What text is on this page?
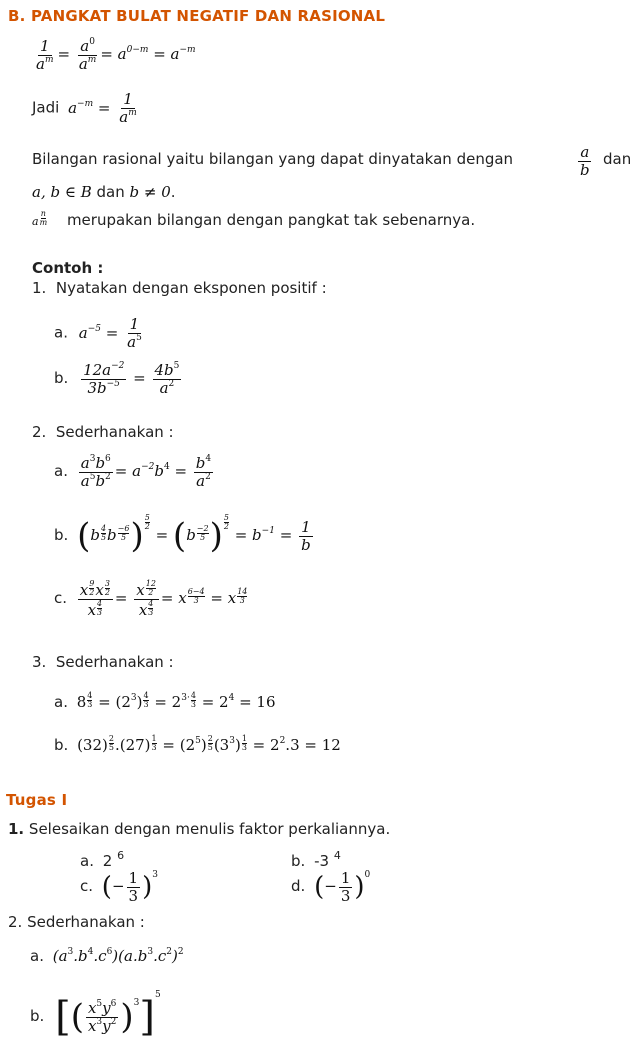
B. PANGKAT BULAT NEGATIF DAN RASIONAL
$\frac{1}{a^m} = \frac{a^0}{a^m} = a^{0-m} = a^{-m}$
Jadi $a^{-m} = \frac{1}{a^m}$
Bilangan rasional yaitu bilangan yang dapat dinyatakan dengan	$\frac{a}{b}$ dan
a, b ∈ B dan b ≠ 0.
a $\frac{n}{m}$ merupakan bilangan dengan pangkat tak sebenarnya.
Contoh :
1. Nyatakan dengan eksponen positif :
a. $a^{-5} = \frac{1}{a^5}$
b. $\frac{12a^{-2}}{3b^{-5}} = \frac{4b^5}{a^2}$
2. Sederhanakan :
a. $\frac{a^3b^6}{a^5b^2} = a^{-2}b^4 = \frac{b^4}{a^2}$
b. ($b \frac{4}{5}$ b $\frac{-6}{5}$ ) $\frac{5}{2}$
= ($b \frac{-2}{5}$ ) $\frac{5}{2}$
= $b^{-1} = \frac{1}{b}$
c. $\frac{x \frac{9}{2} x \frac{3}{2}}{x \frac{4}{3}} = \frac{x \frac{12}{2}}{x \frac{4}{3}} = x \frac{6-4}{3} = x \frac{14}{3}$
3. Sederhanakan :
a. $8 \frac{4}{3} = (2^3) \frac{4}{3} = 2^{3\cdot} \frac{4}{3} = 2^4 = 16$
b. $(32) \frac{2}{5} .(27) \frac{1}{3} = (2^5) \frac{2}{5} (3^3) \frac{1}{3} = 2^2.3 = 12$
Tugas I
1. Selesaikan dengan menulis faktor perkaliannya.
a. 2 $^6$	b. -3 $^4$
c. (− $\frac{1}{3} )^3$
d. (− $\frac{1}{3} )^0$
2. Sederhanakan :
a. $(a^3.b^4.c^6)(a.b^3.c^2)^2$
b. [( $\frac{x^5y^6}{x^3y^2} )^3]^5$
